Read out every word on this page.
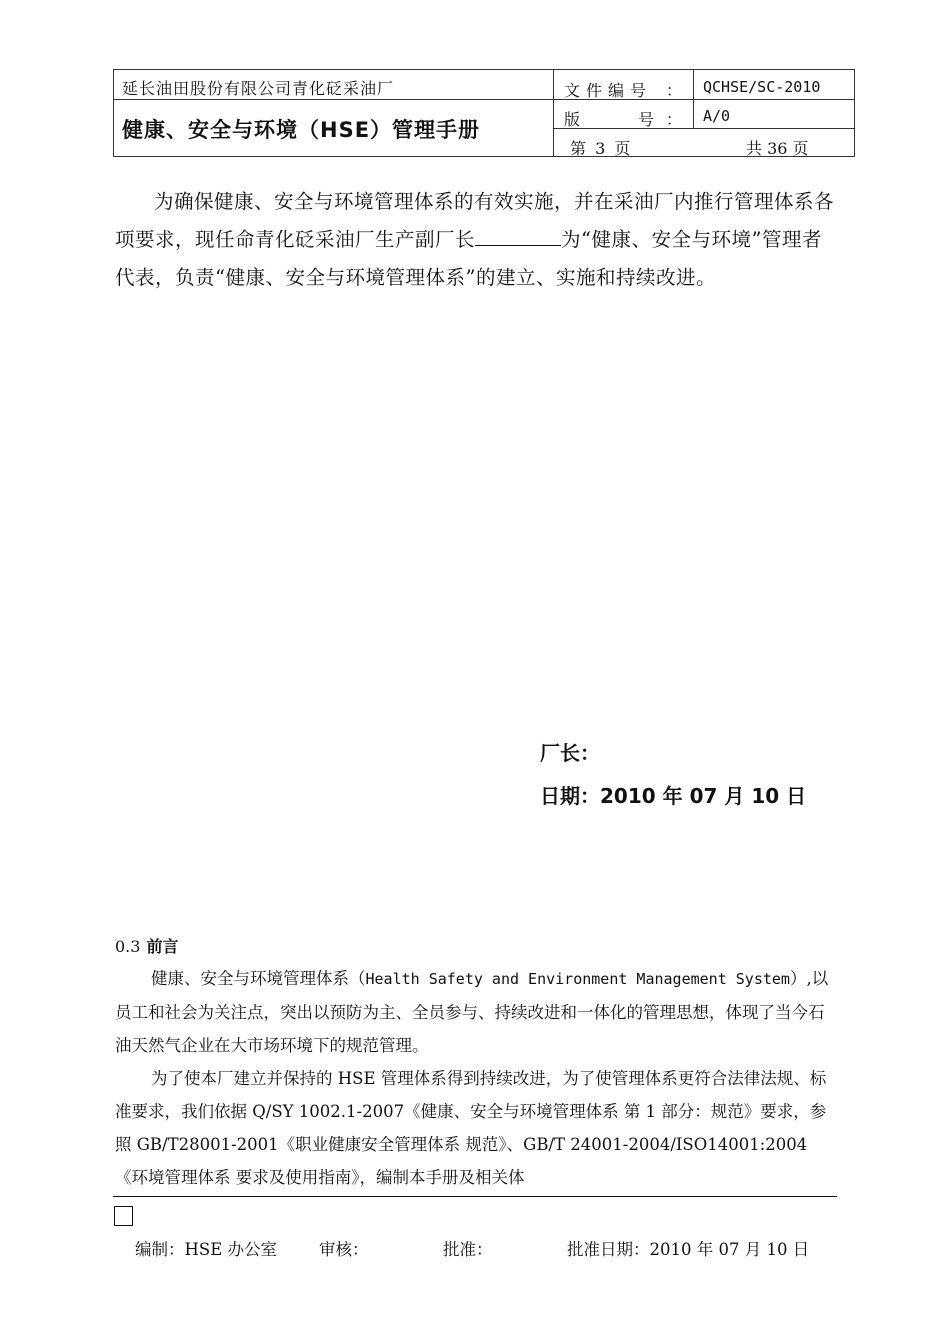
延长油田股份有限公司青化砭采油厂
健康、安全与环境（HSE）管理手册
文件编号 ： QCHSE/SC-2010
版	号 ： A/0
第 3 页	共 36 页
为确保健康、安全与环境管理体系的有效实施，并在采油厂内推行管理体系各项要求，现任命青化砭采油厂生产副厂长	为“健康、安全与环境”管理者代表，负责“健康、安全与环境管理体系”的建立、实施和持续改进。
厂长：
日期：2010 年 07 月 10 日
0.3 前言
健康、安全与环境管理体系（Health Safety and Environment Management System）,以员工和社会为关注点，突出以预防为主、全员参与、持续改进和一体化的管理思想，体现了当今石油天然气企业在大市场环境下的规范管理。
为了使本厂建立并保持的 HSE 管理体系得到持续改进，为了使管理体系更符合法律法规、标准要求，我们依据 Q/SY 1002.1-2007《健康、安全与环境管理体系 第 1 部分：规范》要求，参照 GB/T28001-2001《职业健康安全管理体系 规范》、GB/T 24001-2004/ISO14001:2004《环境管理体系 要求及使用指南》，编制本手册及相关体
编制：HSE 办公室	审核：	批准：	批准日期：2010 年 07 月 10 日
